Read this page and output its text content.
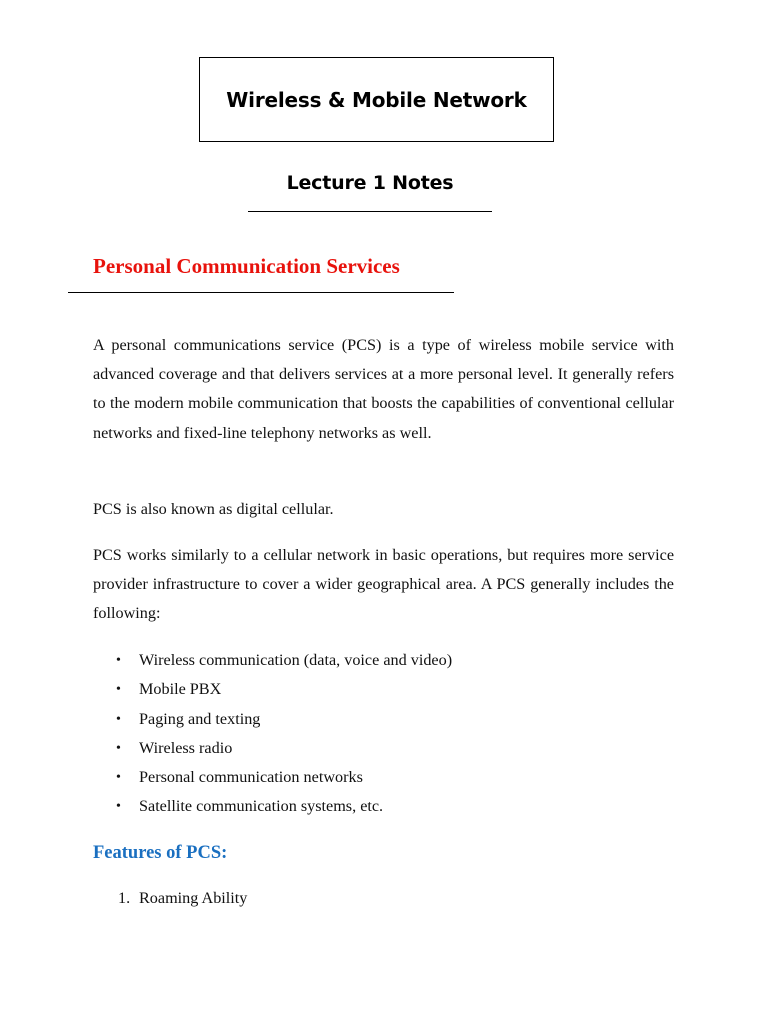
Wireless & Mobile Network
Lecture 1 Notes
Personal Communication Services

A personal communications service (PCS) is a type of wireless mobile service with advanced coverage and that delivers services at a more personal level. It generally refers to the modern mobile communication that boosts the capabilities of conventional cellular networks and fixed-line telephony networks as well.

PCS is also known as digital cellular.

PCS works similarly to a cellular network in basic operations, but requires more service provider infrastructure to cover a wider geographical area. A PCS generally includes the following:

• Wireless communication (data, voice and video)
• Mobile PBX
• Paging and texting
• Wireless radio
• Personal communication networks
• Satellite communication systems, etc.
Features of PCS:
1. Roaming Ability
